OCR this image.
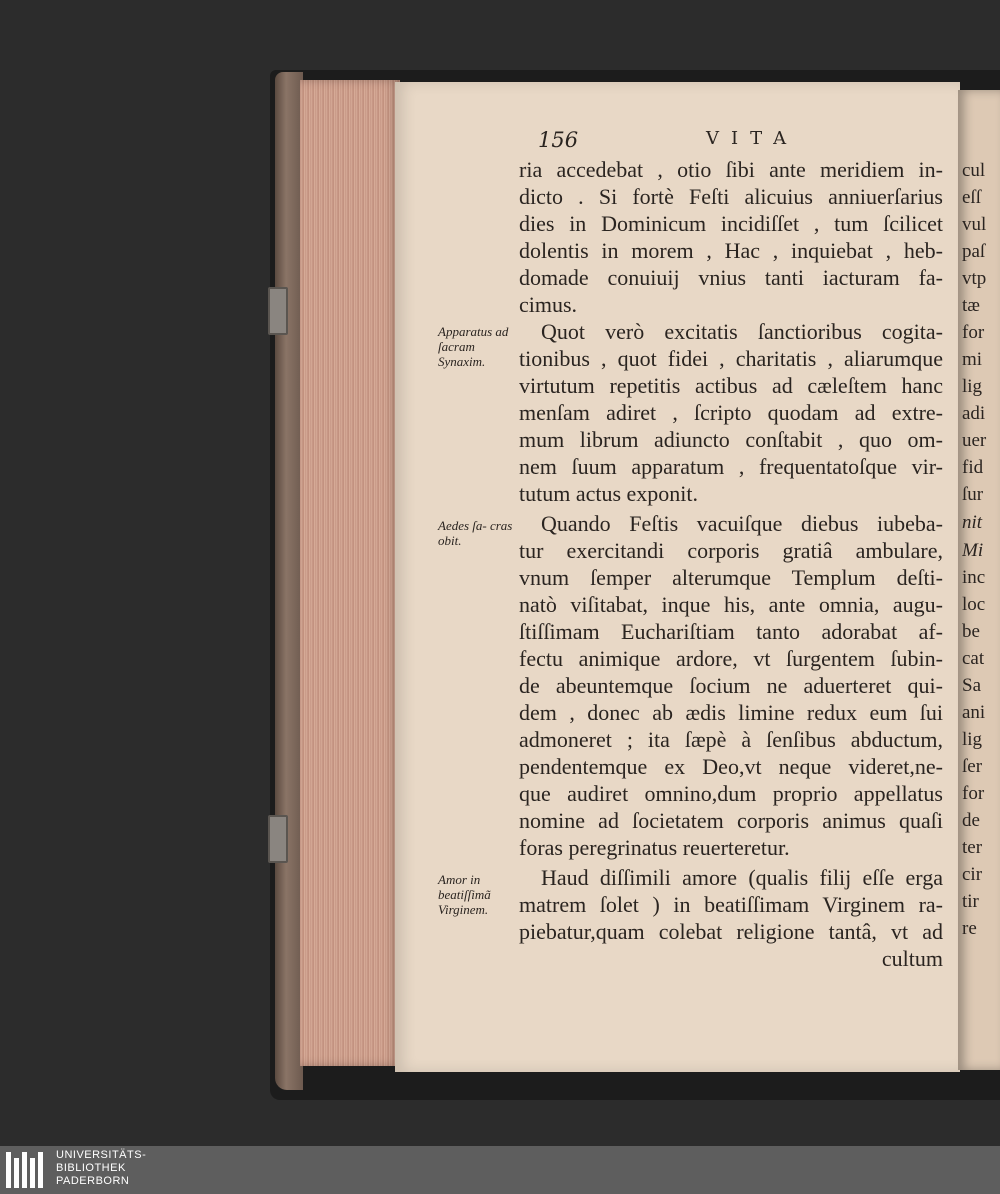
156	VITA
ria accedebat , otio ſibi ante meridiem in-
dicto . Si fortè Feſti alicuius anniuerſarius
dies in Dominicum incidiſſet , tum ſcilicet
dolentis in morem , Hac , inquiebat , heb-
domade conuiuij vnius tanti iacturam fa-
cimus.
Quot verò excitatis ſanctioribus cogita-
tionibus , quot fidei , charitatis , aliarumque
virtutum repetitis actibus ad cæleſtem hanc
menſam adiret , ſcripto quodam ad extre-
mum librum adiuncto conſtabit , quo om-
nem ſuum apparatum , frequentatoſque vir-
tutum actus exponit.
Quando Feſtis vacuiſque diebus iubeba-
tur exercitandi corporis gratiâ ambulare,
vnum ſemper alterumque Templum deſti-
natò viſitabat, inque his, ante omnia, augu-
ſtiſſimam Euchariſtiam tanto adorabat af-
fectu animique ardore, vt ſurgentem ſubin-
de abeuntemque ſocium ne aduerteret qui-
dem , donec ab ædis limine redux eum ſui
admoneret ; ita ſæpè à ſenſibus abductum,
pendentemque ex Deo,vt neque videret,ne-
que audiret omnino,dum proprio appellatus
nomine ad ſocietatem corporis animus quaſi
foras peregrinatus reuerteretur.
Haud diſſimili amore (qualis filij eſſe erga
matrem ſolet ) in beatiſſimam Virginem ra-
piebatur,quam colebat religione tantâ, vt ad
cultum
Apparatus ad ſacram Synaxim.
Aedes ſa- cras obit.
Amor in beatiſſimã Virginem.
cul
eſſ
vul
paſ
vtp
tæ
for
mi
lig
adi
uer
fid
ſur
nit
Mi
inc
loc
be
cat
Sa
ani
lig
ſer
for
de
ter
cir
tir
re
UNIVERSITÄTS-
BIBLIOTHEK
PADERBORN
